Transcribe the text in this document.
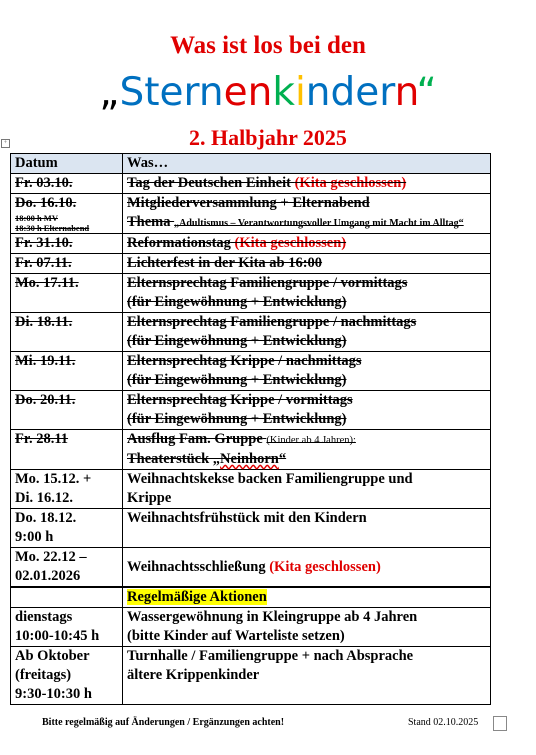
Was ist los bei den
„Sternenkindern“
2. Halbjahr 2025
+
Datum	Was…
Fr. 03.10.	Tag der Deutschen Einheit (Kita geschlossen)
Do. 16.10.
18:00 h MV
18:30 h Elternabend	Mitgliederversammlung + Elternabend
Thema „Adultismus – Verantwortungsvoller Umgang mit Macht im Alltag“
Fr. 31.10.	Reformationstag (Kita geschlossen)
Fr. 07.11.	Lichterfest in der Kita ab 16:00
Mo. 17.11.	Elternsprechtag Familiengruppe / vormittags
(für Eingewöhnung + Entwicklung)
Di. 18.11.	Elternsprechtag Familiengruppe / nachmittags
(für Eingewöhnung + Entwicklung)
Mi. 19.11.	Elternsprechtag Krippe / nachmittags
(für Eingewöhnung + Entwicklung)
Do. 20.11.	Elternsprechtag Krippe / vormittags
(für Eingewöhnung + Entwicklung)
Fr. 28.11	Ausflug Fam. Gruppe (Kinder ab 4 Jahren):
Theaterstück „Neinhorn“
Mo. 15.12. +
Di. 16.12.	Weihnachtskekse backen Familiengruppe und
Krippe
Do. 18.12.
9:00 h	Weihnachtsfrühstück mit den Kindern
Mo. 22.12 –
02.01.2026	Weihnachtsschließung (Kita geschlossen)
	Regelmäßige Aktionen
dienstags
10:00-10:45 h	Wassergewöhnung in Kleingruppe ab 4 Jahren
(bitte Kinder auf Warteliste setzen)
Ab Oktober
(freitags)
9:30-10:30 h	Turnhalle / Familiengruppe + nach Absprache
ältere Krippenkinder
Bitte regelmäßig auf Änderungen / Ergänzungen achten!	Stand 02.10.2025
